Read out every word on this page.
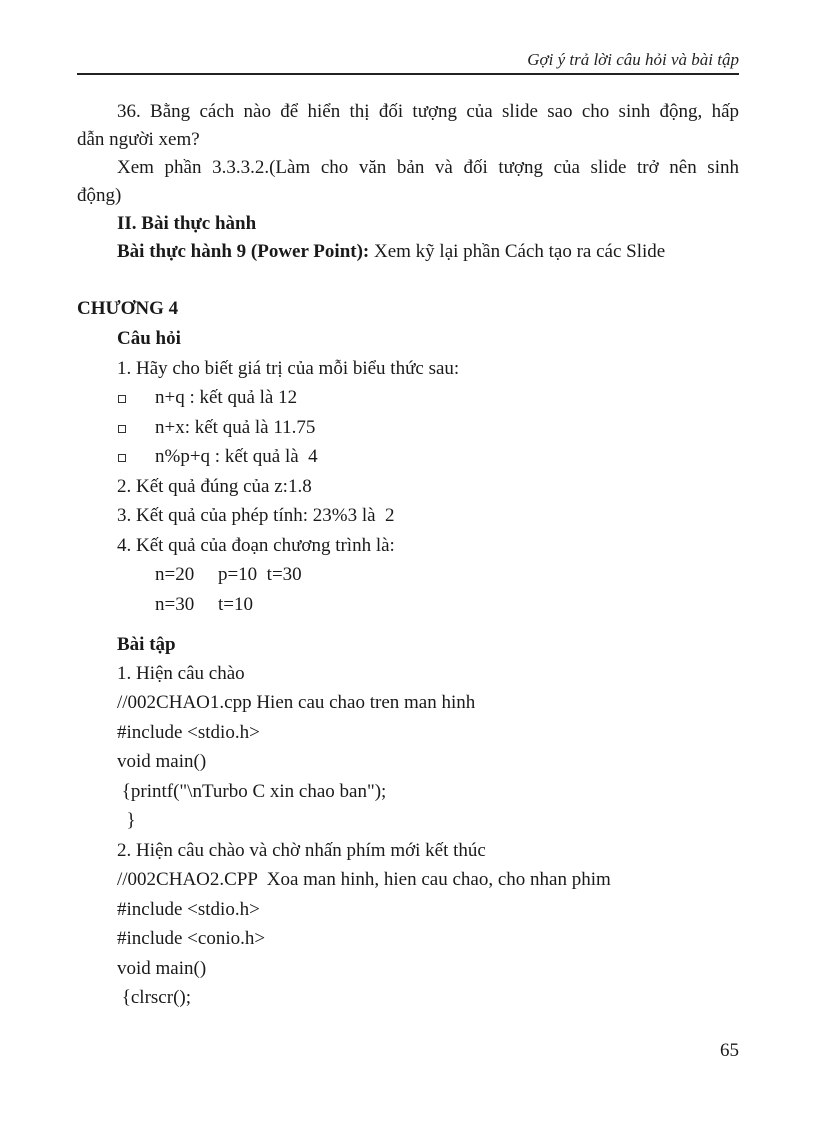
Gợi ý trả lời câu hỏi và bài tập
36. Bằng cách nào để hiển thị đối tượng của slide sao cho sinh động, hấp
dẫn người xem?
Xem phần 3.3.3.2.(Làm cho văn bản và đối tượng của slide trở nên sinh
động)
II. Bài thực hành
Bài thực hành 9 (Power Point): Xem kỹ lại phần Cách tạo ra các Slide
CHƯƠNG 4
Câu hỏi
1. Hãy cho biết giá trị của mỗi biểu thức sau:
n+q : kết quả là 12
n+x: kết quả là 11.75
n%p+q : kết quả là  4
2. Kết quả đúng của z:1.8
3. Kết quả của phép tính: 23%3 là  2
4. Kết quả của đoạn chương trình là:
n=20     p=10  t=30
n=30     t=10
Bài tập
1. Hiện câu chào
//002CHAO1.cpp Hien cau chao tren man hinh
#include <stdio.h>
void main()
{printf("\nTurbo C xin chao ban");
}
2. Hiện câu chào và chờ nhấn phím mới kết thúc
//002CHAO2.CPP  Xoa man hinh, hien cau chao, cho nhan phim
#include <stdio.h>
#include <conio.h>
void main()
{clrscr();
65
